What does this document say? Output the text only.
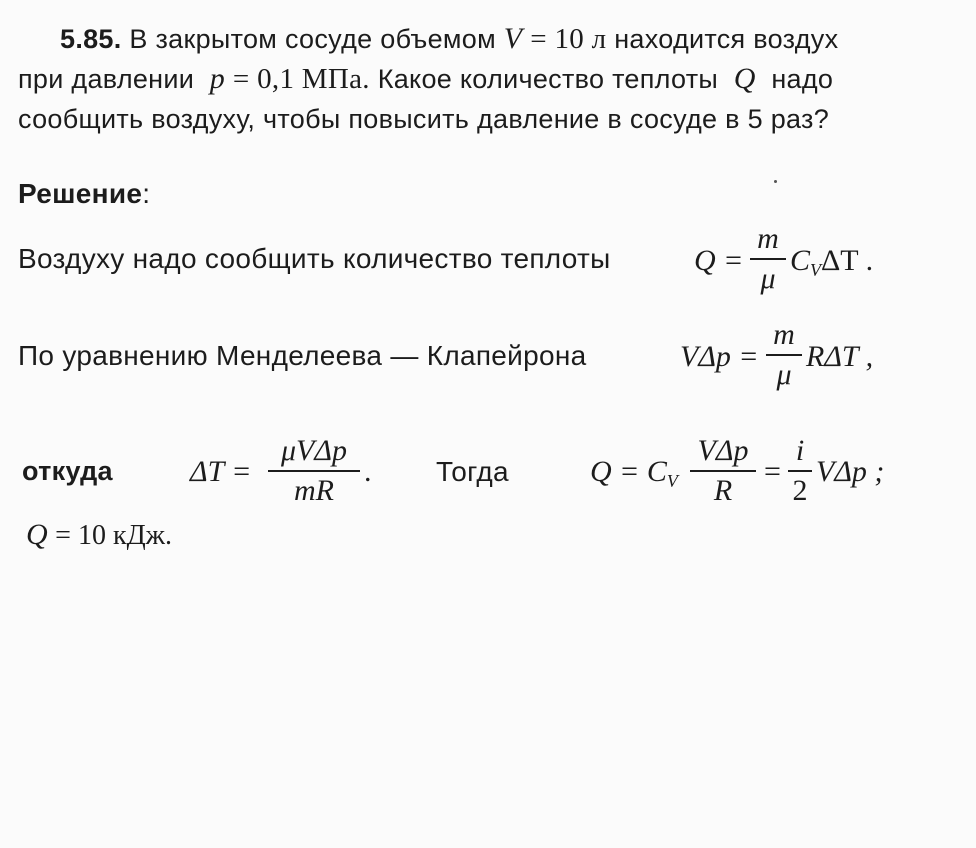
5.85. В закрытом сосуде объемом V = 10 л находится воздух
при давлении p = 0,1 МПа. Какое количество теплоты Q надо
сообщить воздуху, чтобы повысить давление в сосуде в 5 раз?
Решение:
Воздуху надо сообщить количество теплоты	Q =
m
μ
$C_V\Delta T$ .
По уравнению Менделеева — Клапейрона	VΔp =
m
μ
RΔT ,
откуда	ΔT =
μVΔp
mR
. Тогда	$Q = C_V$
VΔp
R
=
i
2
VΔp ;
Q = 10 кДж.
